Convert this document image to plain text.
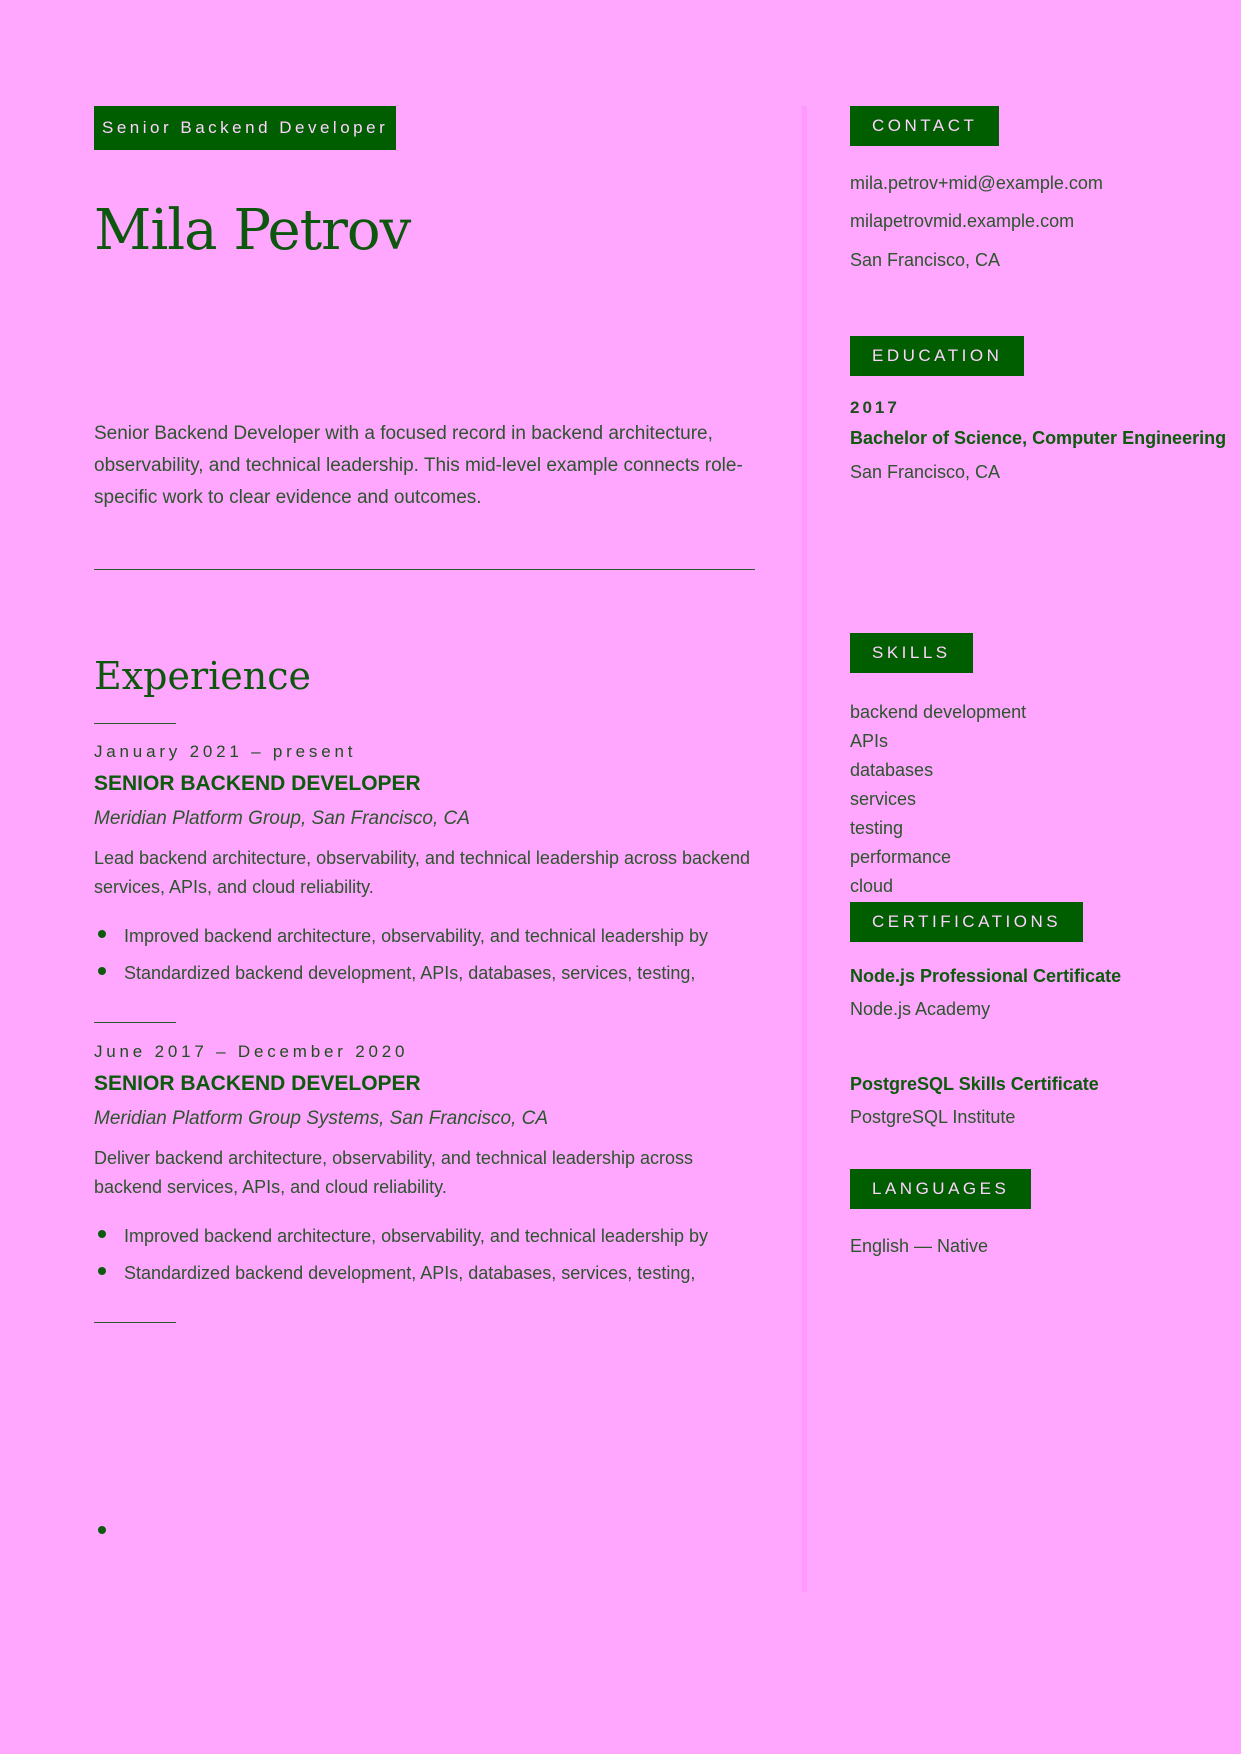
Senior Backend Developer
Mila Petrov

Senior Backend Developer with a focused record in backend architecture, observability, and technical leadership. This mid-level example connects role-specific work to clear evidence and outcomes.

Experience
January 2021 – present
SENIOR BACKEND DEVELOPER
Meridian Platform Group, San Francisco, CA
Lead backend architecture, observability, and technical leadership across backend services, APIs, and cloud reliability.
Improved backend architecture, observability, and technical leadership by
Standardized backend development, APIs, databases, services, testing,
June 2017 – December 2020
SENIOR BACKEND DEVELOPER
Meridian Platform Group Systems, San Francisco, CA
Deliver backend architecture, observability, and technical leadership across backend services, APIs, and cloud reliability.
Improved backend architecture, observability, and technical leadership by
Standardized backend development, APIs, databases, services, testing,
CONTACT
mila.petrov+mid@example.com
milapetrovmid.example.com
San Francisco, CA
EDUCATION
2017
Bachelor of Science, Computer Engineering
San Francisco, CA
SKILLS
backend development
APIs
databases
services
testing
performance
cloud
CERTIFICATIONS
Node.js Professional Certificate
Node.js Academy
PostgreSQL Skills Certificate
PostgreSQL Institute
LANGUAGES
English — Native
